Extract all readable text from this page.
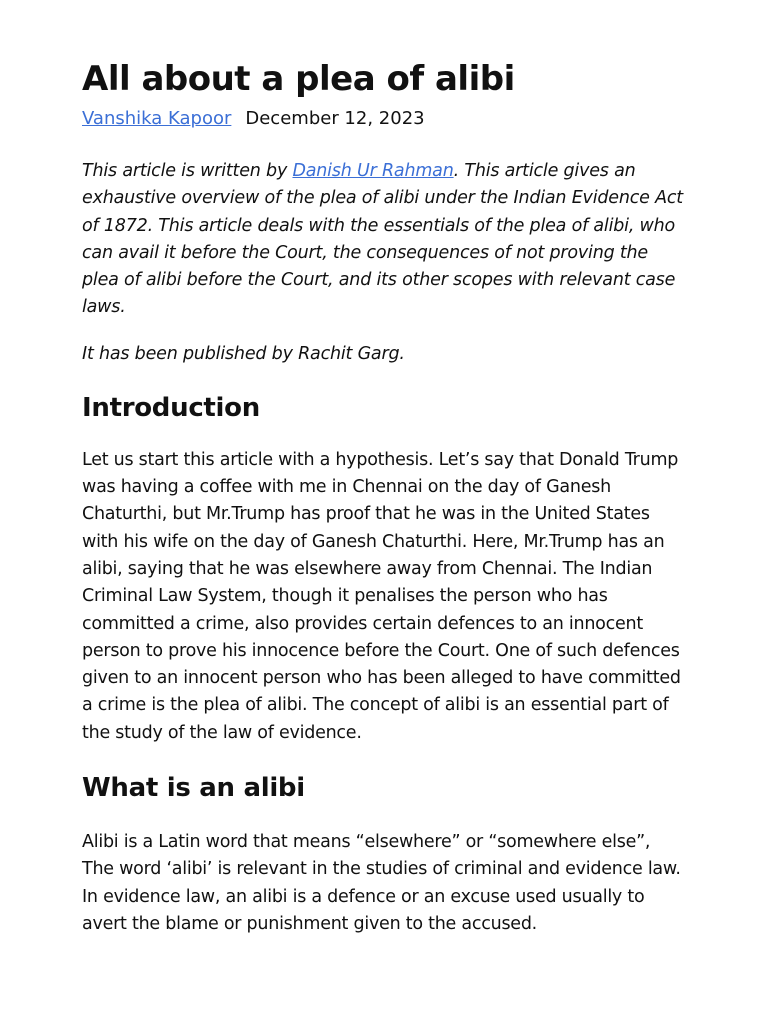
All about a plea of alibi
Vanshika Kapoor December 12, 2023
This article is written by Danish Ur Rahman. This article gives an exhaustive overview of the plea of alibi under the Indian Evidence Act of 1872. This article deals with the essentials of the plea of alibi, who can avail it before the Court, the consequences of not proving the plea of alibi before the Court, and its other scopes with relevant case laws.
It has been published by Rachit Garg.
Introduction
Let us start this article with a hypothesis. Let’s say that Donald Trump was having a coffee with me in Chennai on the day of Ganesh Chaturthi, but Mr.Trump has proof that he was in the United States with his wife on the day of Ganesh Chaturthi. Here, Mr.Trump has an alibi, saying that he was elsewhere away from Chennai. The Indian Criminal Law System, though it penalises the person who has committed a crime, also provides certain defences to an innocent person to prove his innocence before the Court. One of such defences given to an innocent person who has been alleged to have committed a crime is the plea of alibi. The concept of alibi is an essential part of the study of the law of evidence.
What is an alibi
Alibi is a Latin word that means “elsewhere” or “somewhere else”, The word ‘alibi’ is relevant in the studies of criminal and evidence law. In evidence law, an alibi is a defence or an excuse used usually to avert the blame or punishment given to the accused.
